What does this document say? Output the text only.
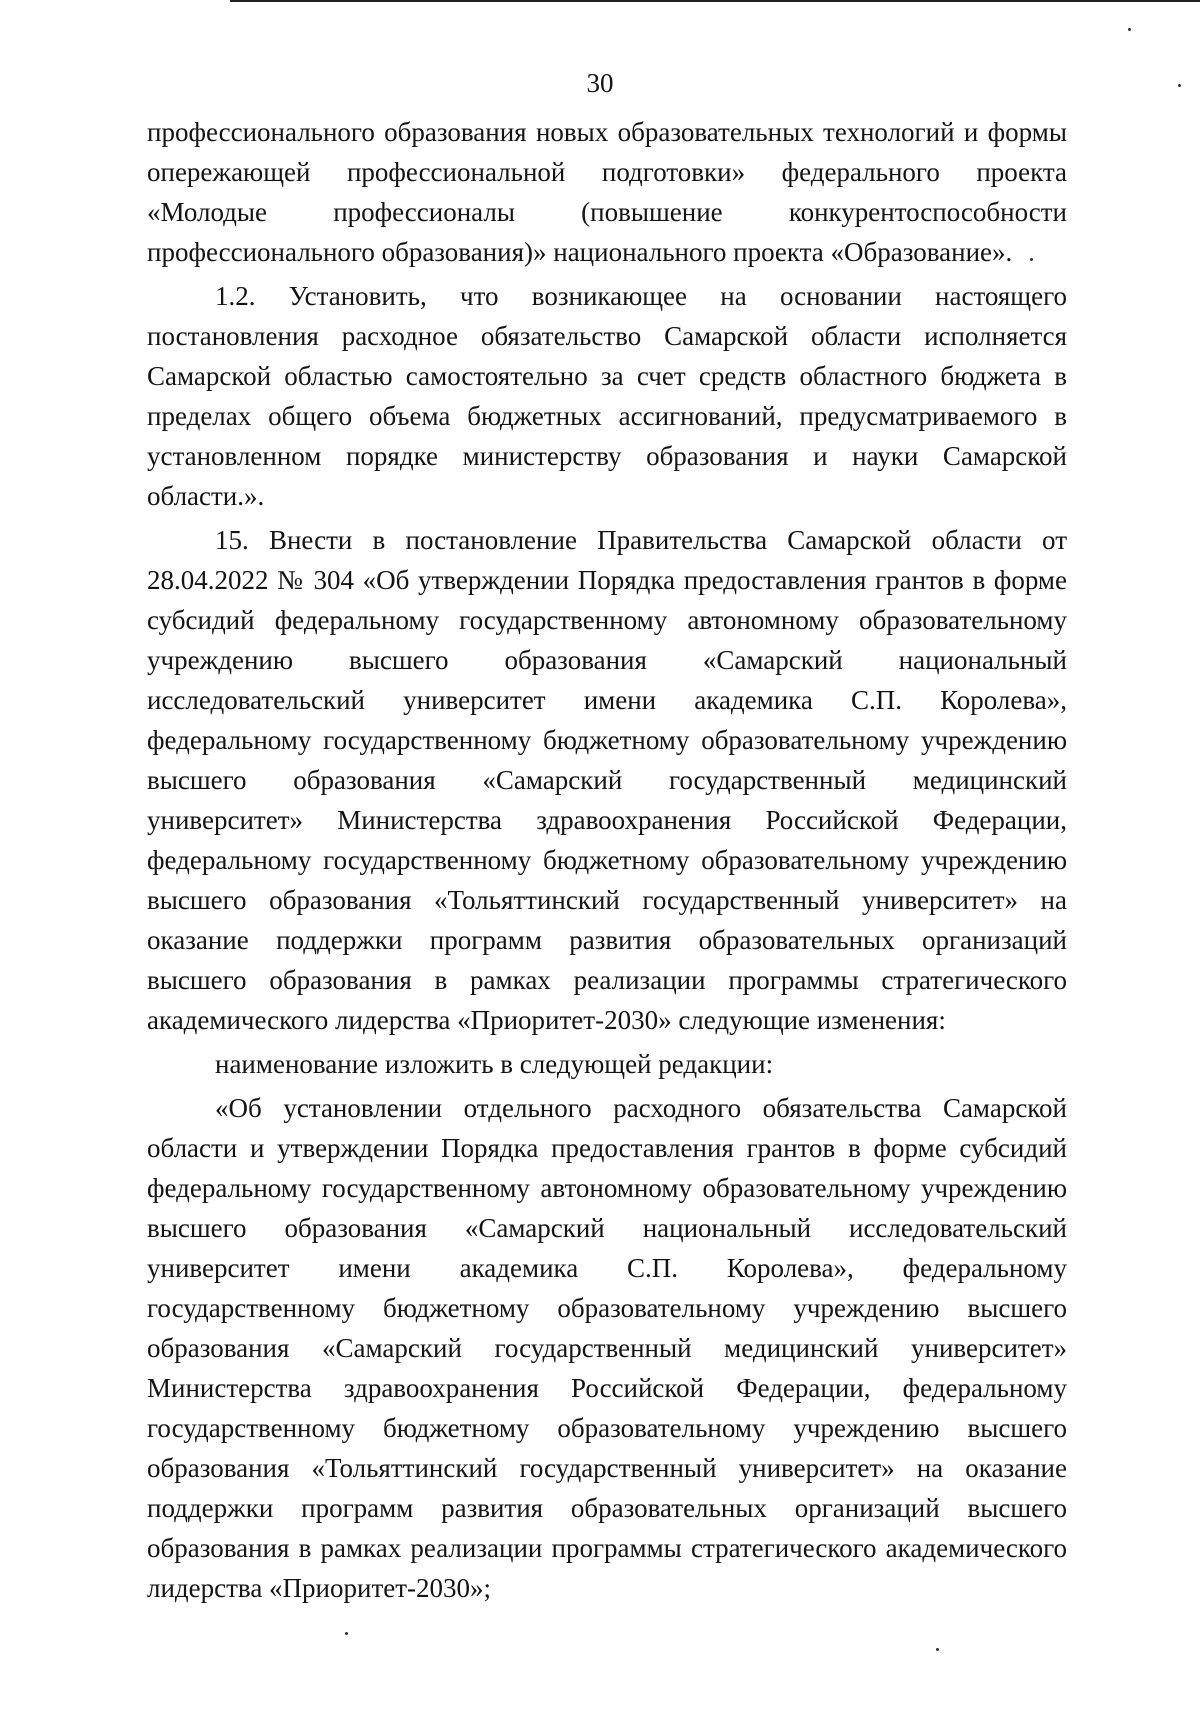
30

профессионального образования новых образовательных технологий и формы опережающей профессиональной подготовки» федерального проекта «Молодые профессионалы (повышение конкурентоспособности профессионального образования)» национального проекта «Образование».

1.2. Установить, что возникающее на основании настоящего постановления расходное обязательство Самарской области исполняется Самарской областью самостоятельно за счет средств областного бюджета в пределах общего объема бюджетных ассигнований, предусматриваемого в установленном порядке министерству образования и науки Самарской области.».

15. Внести в постановление Правительства Самарской области от 28.04.2022 № 304 «Об утверждении Порядка предоставления грантов в форме субсидий федеральному государственному автономному образовательному учреждению высшего образования «Самарский национальный исследовательский университет имени академика С.П. Королева», федеральному государственному бюджетному образовательному учреждению высшего образования «Самарский государственный медицинский университет» Министерства здравоохранения Российской Федерации, федеральному государственному бюджетному образовательному учреждению высшего образования «Тольяттинский государственный университет» на оказание поддержки программ развития образовательных организаций высшего образования в рамках реализации программы стратегического академического лидерства «Приоритет-2030» следующие изменения:

наименование изложить в следующей редакции:

«Об установлении отдельного расходного обязательства Самарской области и утверждении Порядка предоставления грантов в форме субсидий федеральному государственному автономному образовательному учреждению высшего образования «Самарский национальный исследовательский университет имени академика С.П. Королева», федеральному государственному бюджетному образовательному учреждению высшего образования «Самарский государственный медицинский университет» Министерства здравоохранения Российской Федерации, федеральному государственному бюджетному образовательному учреждению высшего образования «Тольяттинский государственный университет» на оказание поддержки программ развития образовательных организаций высшего образования в рамках реализации программы стратегического академического лидерства «Приоритет-2030»;
